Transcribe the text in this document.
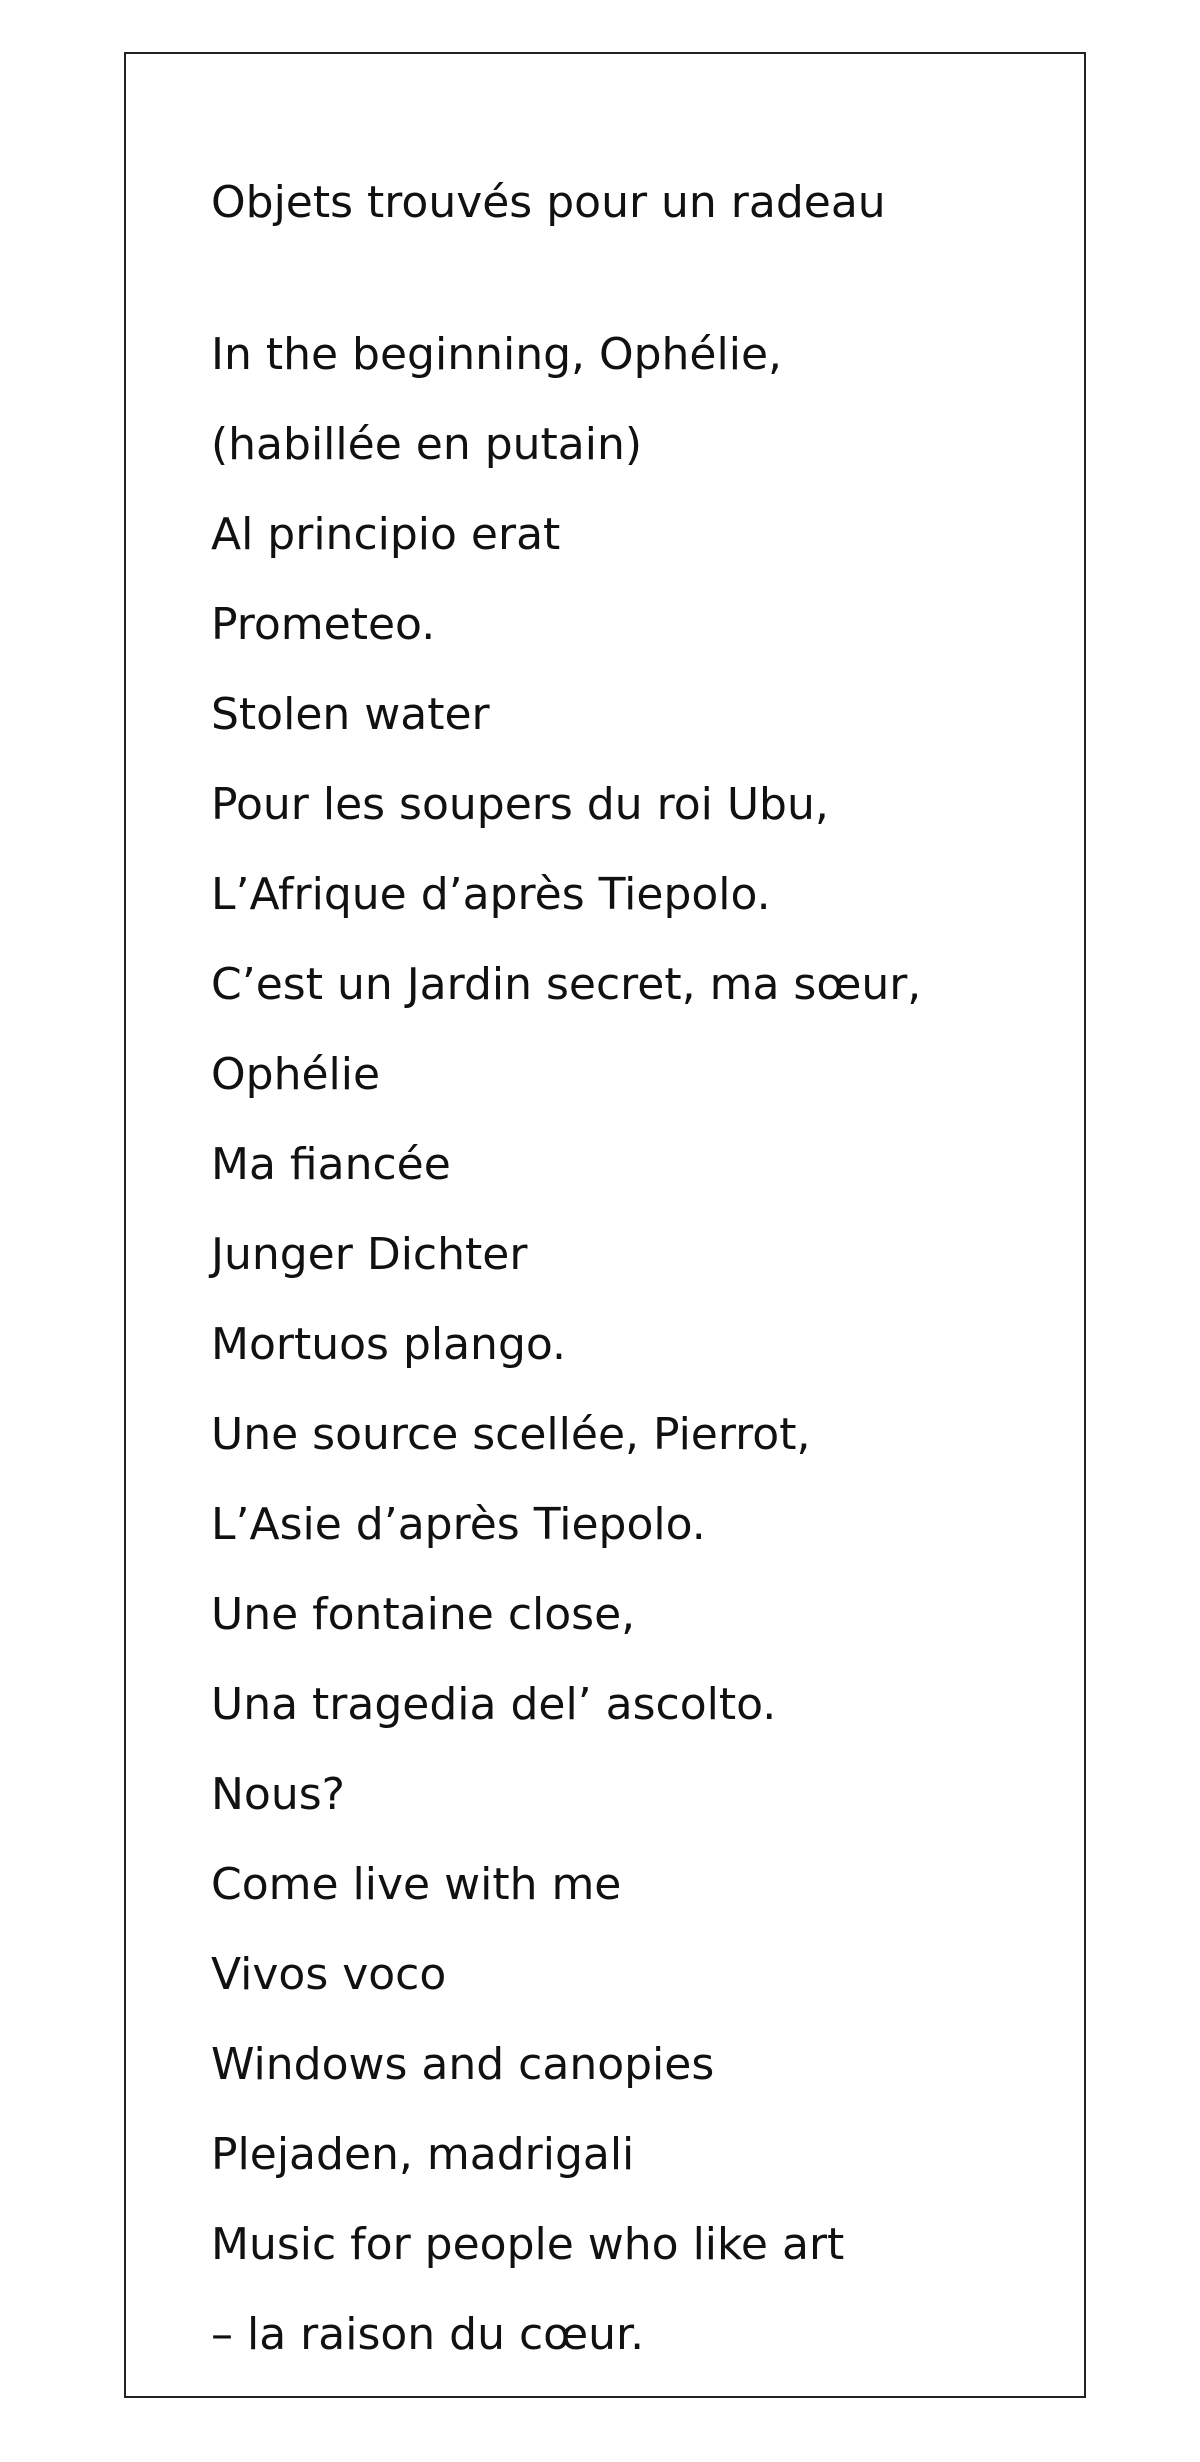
Objets trouvés pour un radeau
In the beginning, Ophélie,
(habillée en putain)
Al principio erat
Prometeo.
Stolen water
Pour les soupers du roi Ubu,
L’Afrique d’après Tiepolo.
C’est un Jardin secret, ma sœur,
Ophélie
Ma fiancée
Junger Dichter
Mortuos plango.
Une source scellée, Pierrot,
L’Asie d’après Tiepolo.
Une fontaine close,
Una tragedia del’ ascolto.
Nous?
Come live with me
Vivos voco
Windows and canopies
Plejaden, madrigali
Music for people who like art
– la raison du cœur.
